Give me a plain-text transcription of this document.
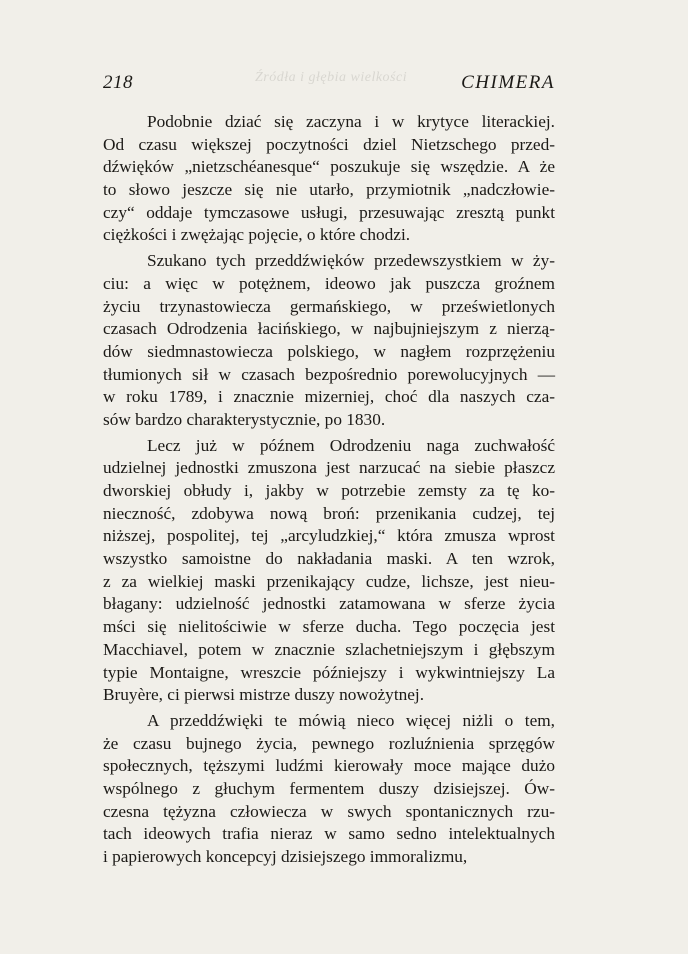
Źródła i głębia wielkości
218	CHIMERA
Podobnie dziać się zaczyna i w krytyce literackiej.
Od czasu większej poczytności dziel Nietzschego przed-
dźwięków „nietzschéanesque“ poszukuje się wszędzie. A że
to słowo jeszcze się nie utarło, przymiotnik „nadczłowie-
czy“ oddaje tymczasowe usługi, przesuwając zresztą punkt
ciężkości i zwężając pojęcie, o które chodzi.
Szukano tych przeddźwięków przedewszystkiem w ży-
ciu: a więc w potężnem, ideowo jak puszcza groźnem
życiu trzynastowiecza germańskiego, w prześwietlonych
czasach Odrodzenia łacińskiego, w najbujniejszym z nierzą-
dów siedmnastowiecza polskiego, w nagłem rozprzężeniu
tłumionych sił w czasach bezpośrednio porewolucyjnych —
w roku 1789, i znacznie mizerniej, choć dla naszych cza-
sów bardzo charakterystycznie, po 1830.
Lecz już w późnem Odrodzeniu naga zuchwałość
udzielnej jednostki zmuszona jest narzucać na siebie płaszcz
dworskiej obłudy i, jakby w potrzebie zemsty za tę ko-
nieczność, zdobywa nową broń: przenikania cudzej, tej
niższej, pospolitej, tej „arcyludzkiej,“ która zmusza wprost
wszystko samoistne do nakładania maski. A ten wzrok,
z za wielkiej maski przenikający cudze, lichsze, jest nieu-
błagany: udzielność jednostki zatamowana w sferze życia
mści się nielitościwie w sferze ducha. Tego poczęcia jest
Macchiavel, potem w znacznie szlachetniejszym i głębszym
typie Montaigne, wreszcie późniejszy i wykwintniejszy La
Bruyère, ci pierwsi mistrze duszy nowożytnej.
A przeddźwięki te mówią nieco więcej niżli o tem,
że czasu bujnego życia, pewnego rozluźnienia sprzęgów
społecznych, tęższymi ludźmi kierowały moce mające dużo
wspólnego z głuchym fermentem duszy dzisiejszej. Ów-
czesna tężyzna człowiecza w swych spontanicznych rzu-
tach ideowych trafia nieraz w samo sedno intelektualnych
i papierowych koncepcyj dzisiejszego immoralizmu,
